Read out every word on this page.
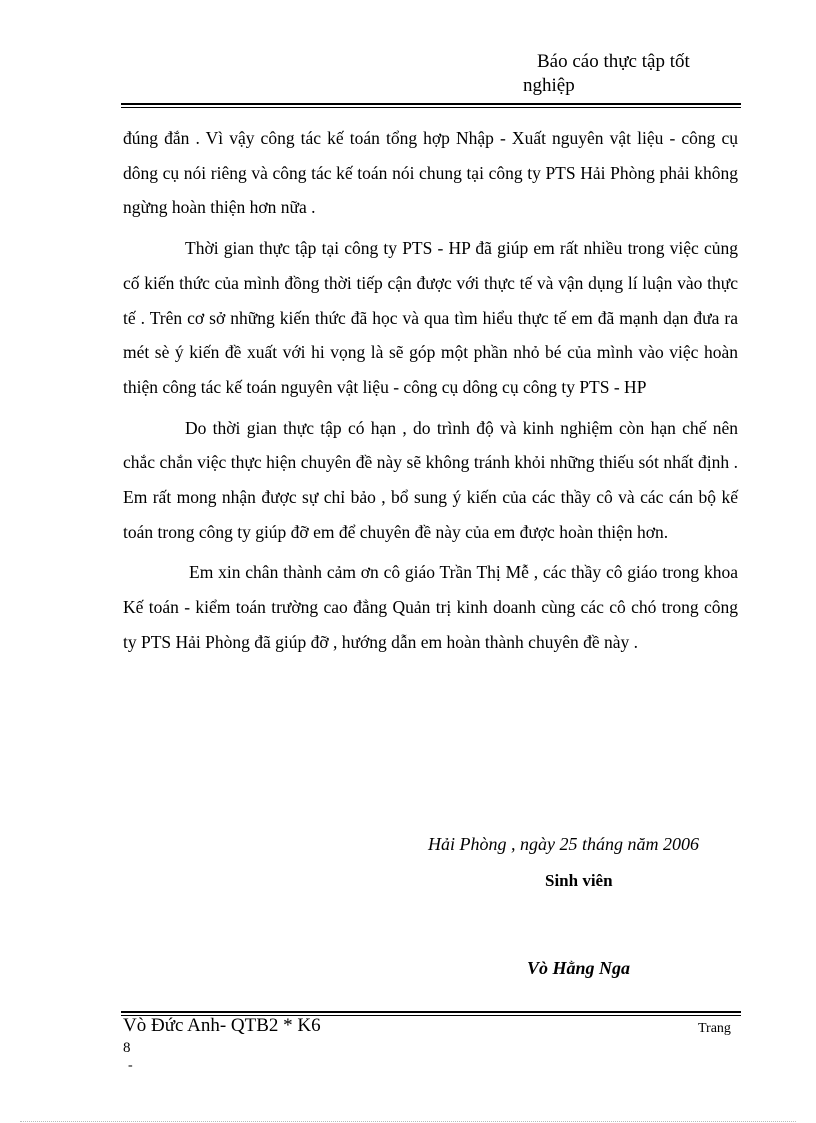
Báo cáo thực tập tốt
nghiệp

đúng đắn . Vì vậy công tác kế toán tổng hợp Nhập - Xuất nguyên vật liệu - công cụ dông cụ nói riêng và công tác kế toán nói chung tại công ty PTS Hải Phòng phải không ngừng hoàn thiện hơn nữa .

Thời gian thực tập tại công ty PTS - HP đã giúp em rất nhiều trong việc củng cố kiến thức của mình đồng thời tiếp cận được với thực tế và vận dụng lí luận vào thực tế . Trên cơ sở những kiến thức đã học và qua tìm hiểu thực tế em đã mạnh dạn đưa ra mét sè ý kiến đề xuất với hi vọng là sẽ góp một phần nhỏ bé của mình vào việc hoàn thiện công tác kế toán nguyên vật liệu - công cụ dông cụ công ty PTS - HP

Do thời gian thực tập có hạn , do trình độ và kinh nghiệm còn hạn chế nên chắc chắn việc thực hiện chuyên đề này sẽ không tránh khỏi những thiếu sót nhất định . Em rất mong nhận được sự chỉ bảo , bổ sung ý kiến của các thầy cô và các cán bộ kế toán trong công ty giúp đỡ em để chuyên đề này của em được hoàn thiện hơn.

Em xin chân thành cảm ơn cô giáo Trần Thị Mễ , các thầy cô giáo trong khoa Kế toán - kiểm toán trường cao đẳng Quản trị kinh doanh cùng các cô chó trong công ty PTS Hải Phòng đã giúp đỡ , hướng dẫn em hoàn thành chuyên đề này .

Hải Phòng , ngày 25 tháng năm 2006
Sinh viên
Vò Hằng Nga
Vò Đức Anh- QTB2 * K6	Trang
8
-
